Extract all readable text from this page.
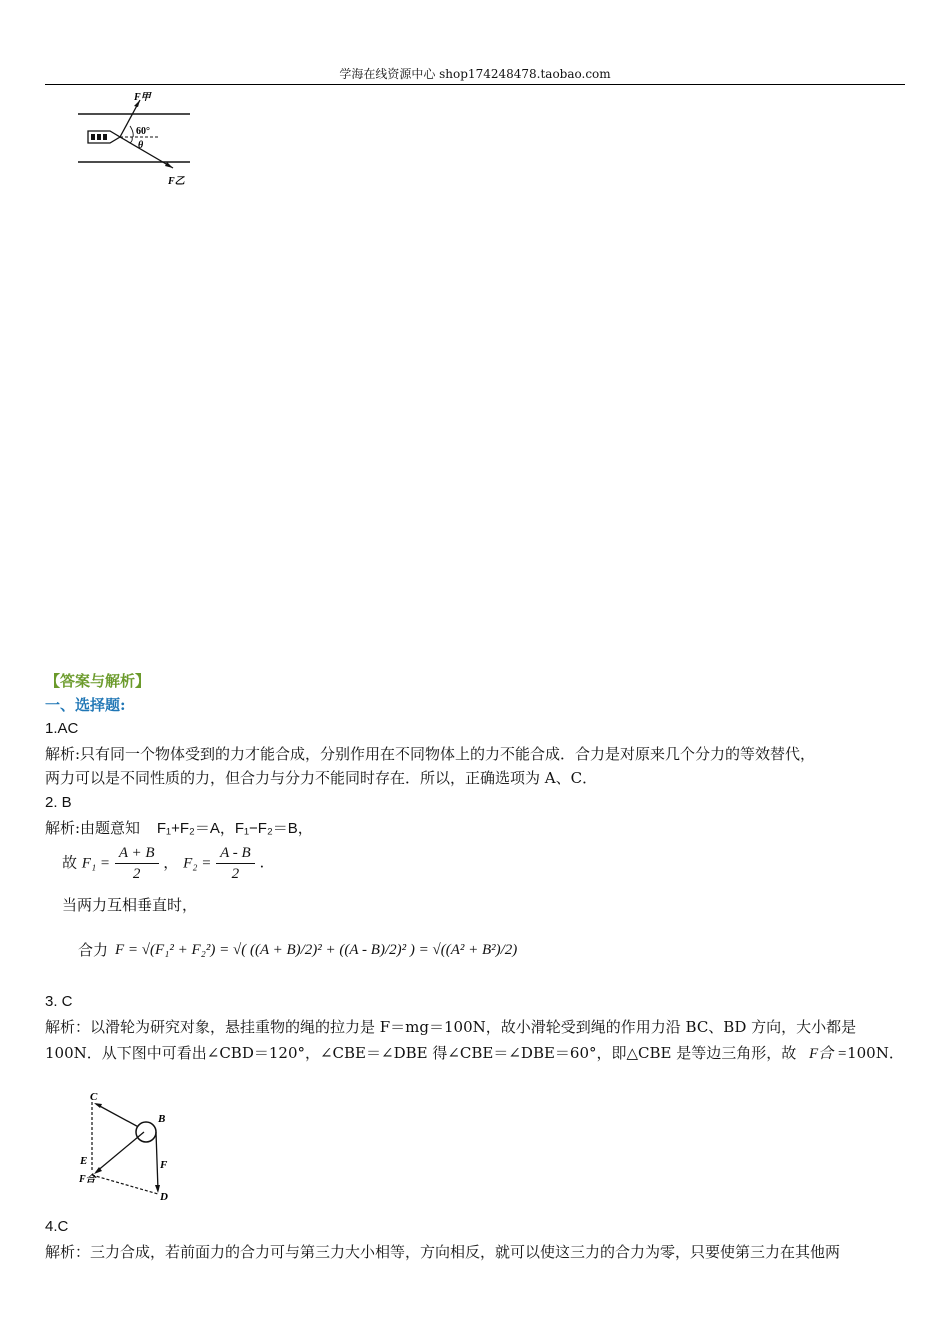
学海在线资源中心 shop174248478.taobao.com
F甲
60°
θ
F乙
【答案与解析】
一、选择题:
1.AC
解析:只有同一个物体受到的力才能合成，分别作用在不同物体上的力不能合成．合力是对原来几个分力的等效替代，
两力可以是不同性质的力，但合力与分力不能同时存在．所以，正确选项为 A、C．
2. B
解析:由题意知 F₁+F₂＝A，F₁−F₂＝B，
故 $F_1 = \frac{A + B}{2}$ ， $F_2 = \frac{A - B}{2}$ .
当两力互相垂直时，
合力 F = √(F₁² + F₂²) = √( ((A + B)/2)² + ((A - B)/2)² ) = √((A² + B²)/2)
3. C
解析：以滑轮为研究对象，悬挂重物的绳的拉力是 F＝mg＝100N，故小滑轮受到绳的作用力沿 BC、BD 方向，大小都是
100N．从下图中可看出∠CBD＝120°，∠CBE＝∠DBE 得∠CBE＝∠DBE＝60°，即△CBE 是等边三角形，故 F合 =100N．
C
B
E
F合
F
D
4.C
解析：三力合成，若前面力的合力可与第三力大小相等，方向相反，就可以使这三力的合力为零，只要使第三力在其他两
